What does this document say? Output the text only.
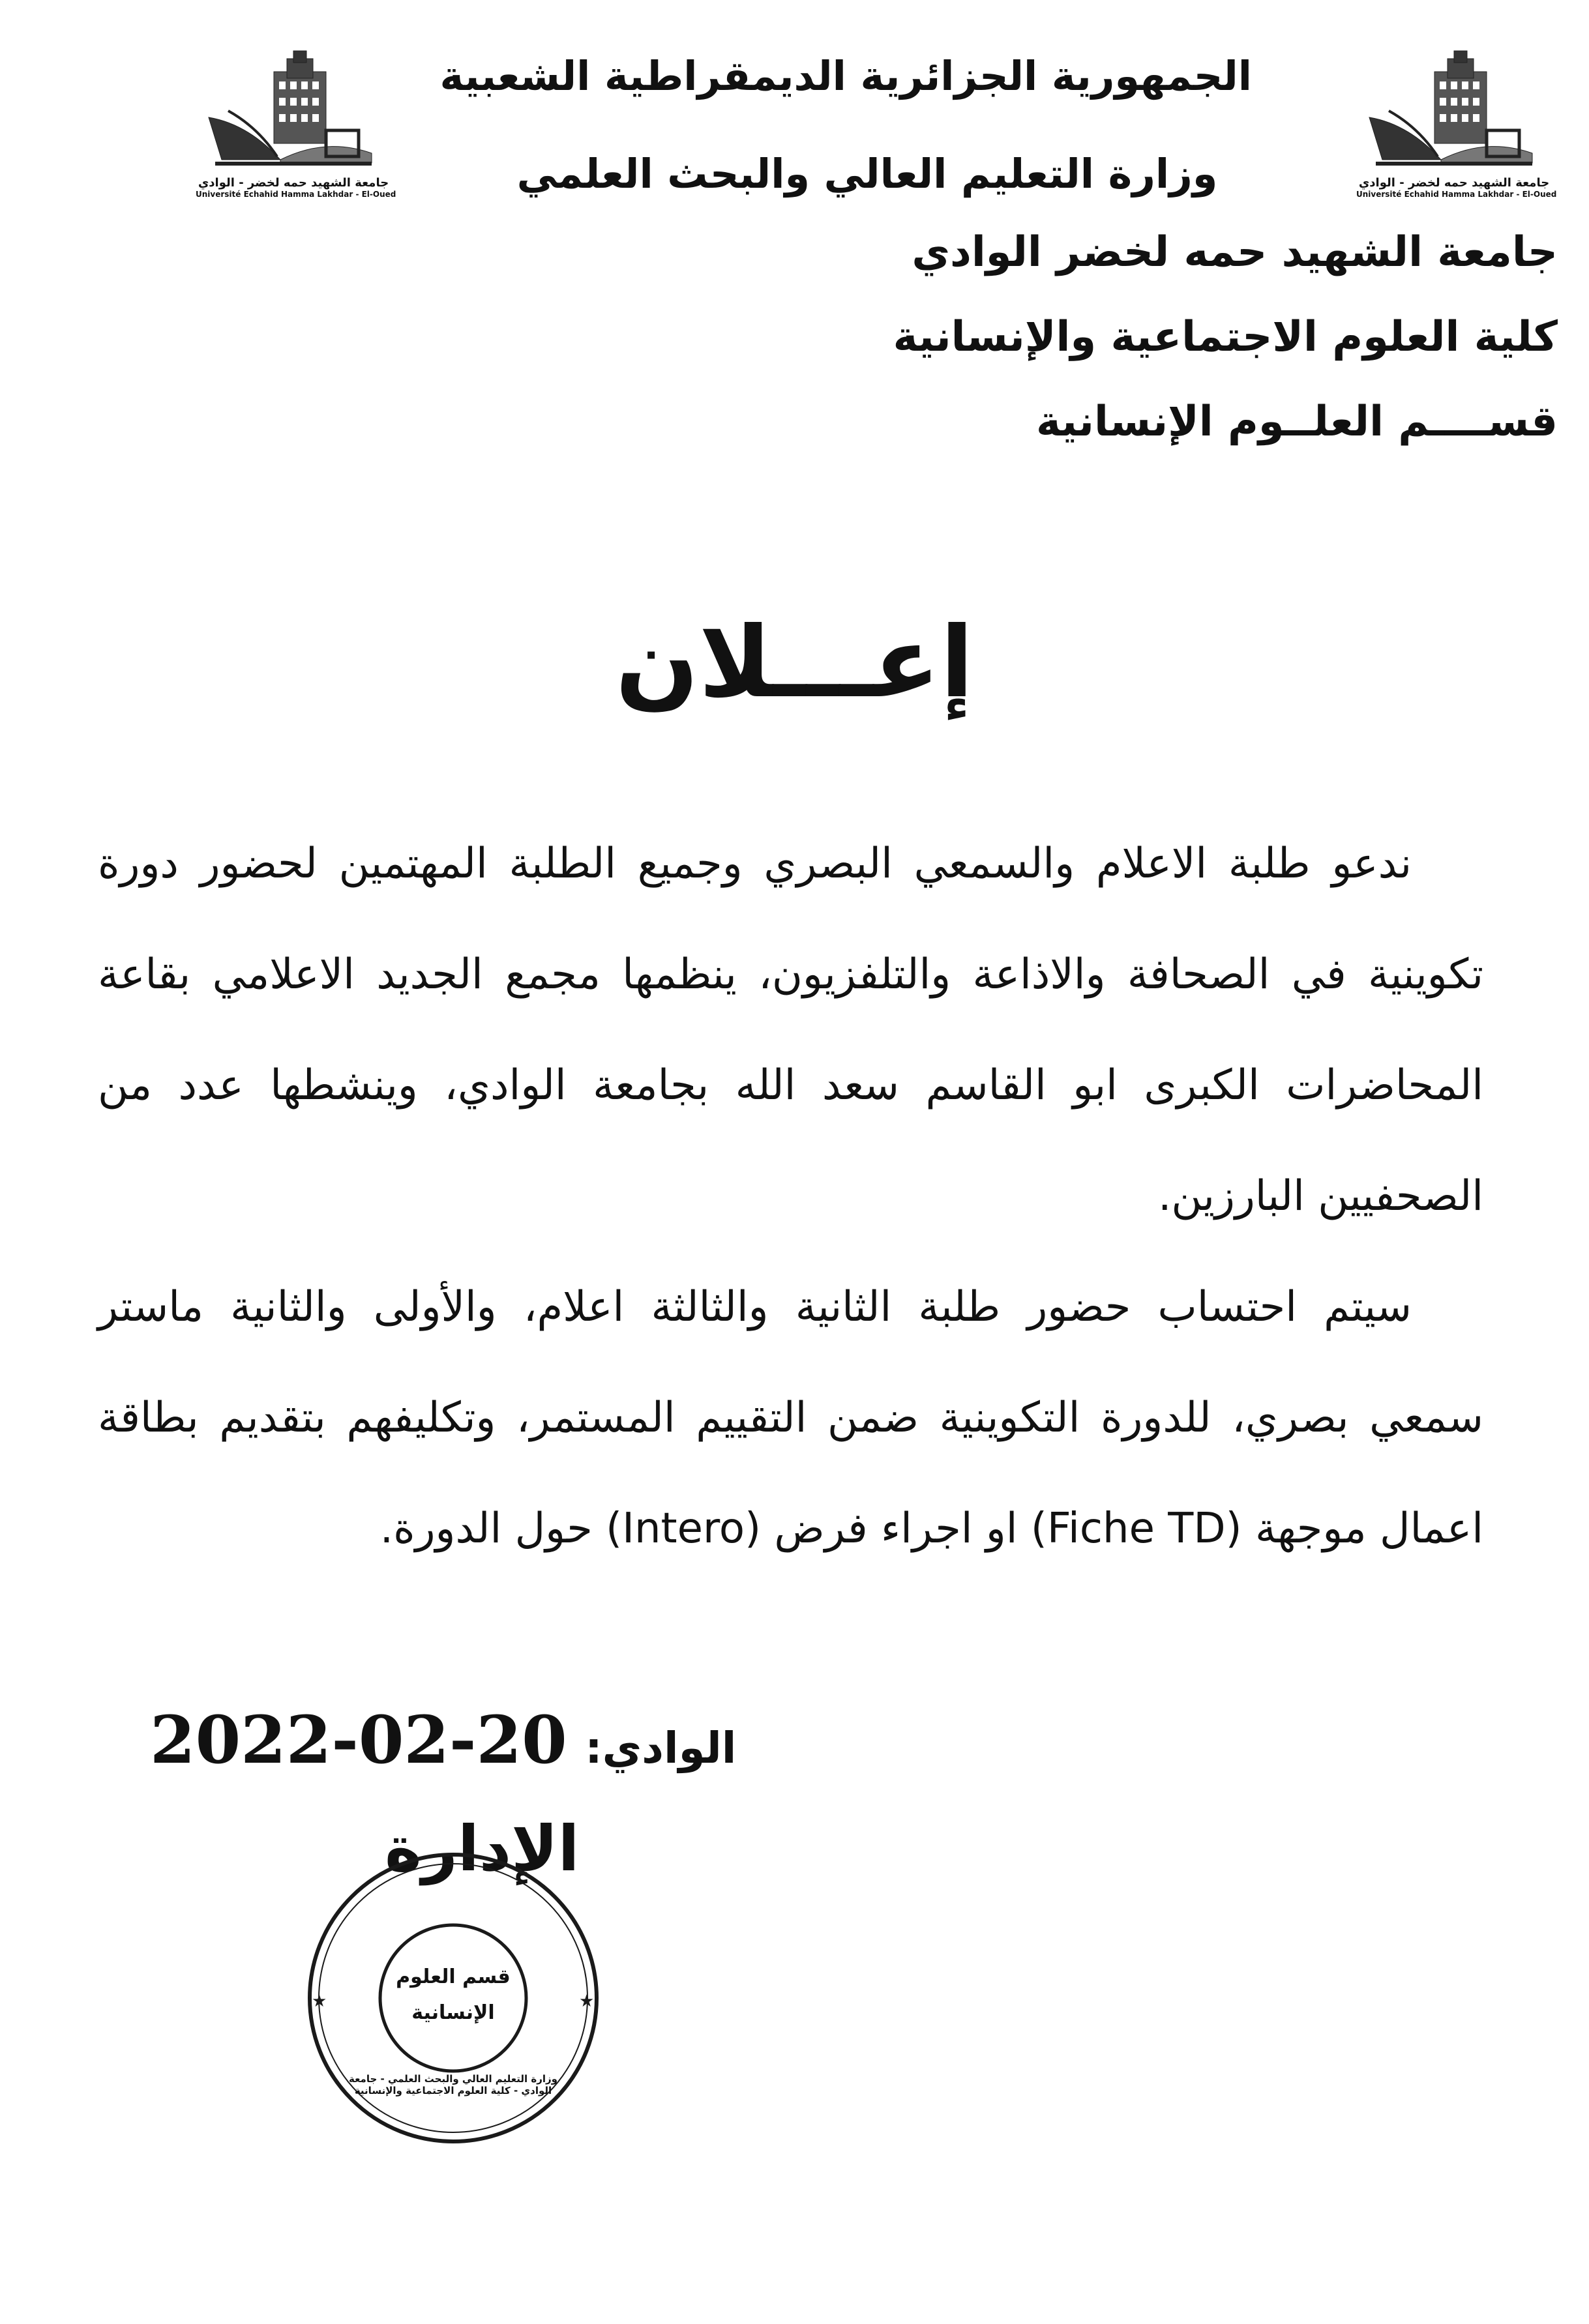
جامعة الشهيد حمه لخضر - الوادي
Université Echahid Hamma Lakhdar - El-Oued
جامعة الشهيد حمه لخضر - الوادي
Université Echahid Hamma Lakhdar - El-Oued
الجمهورية الجزائرية الديمقراطية الشعبية
وزارة التعليم العالي والبحث العلمي
جامعة الشهيد حمه لخضر الوادي
كلية العلوم الاجتماعية والإنسانية
قســــم العلــوم الإنسانية
إعـــلان
ندعو طلبة الاعلام والسمعي البصري وجميع الطلبة المهتمين لحضور دورة تكوينية في الصحافة والاذاعة والتلفزيون، ينظمها مجمع الجديد الاعلامي بقاعة المحاضرات الكبرى ابو القاسم سعد الله بجامعة الوادي، وينشطها عدد من الصحفيين البارزين.
سيتم احتساب حضور طلبة الثانية والثالثة اعلام، والأولى والثانية ماستر سمعي بصري، للدورة التكوينية ضمن التقييم المستمر، وتكليفهم بتقديم بطاقة اعمال موجهة (Fiche TD) او اجراء فرض (Intero) حول الدورة.
2022-02-20 الوادي:
الإدارة
★	★
قسم العلوم
الإنسانية
وزارة التعليم العالي والبحث العلمي - جامعة الوادي - كلية العلوم الاجتماعية والإنسانية
